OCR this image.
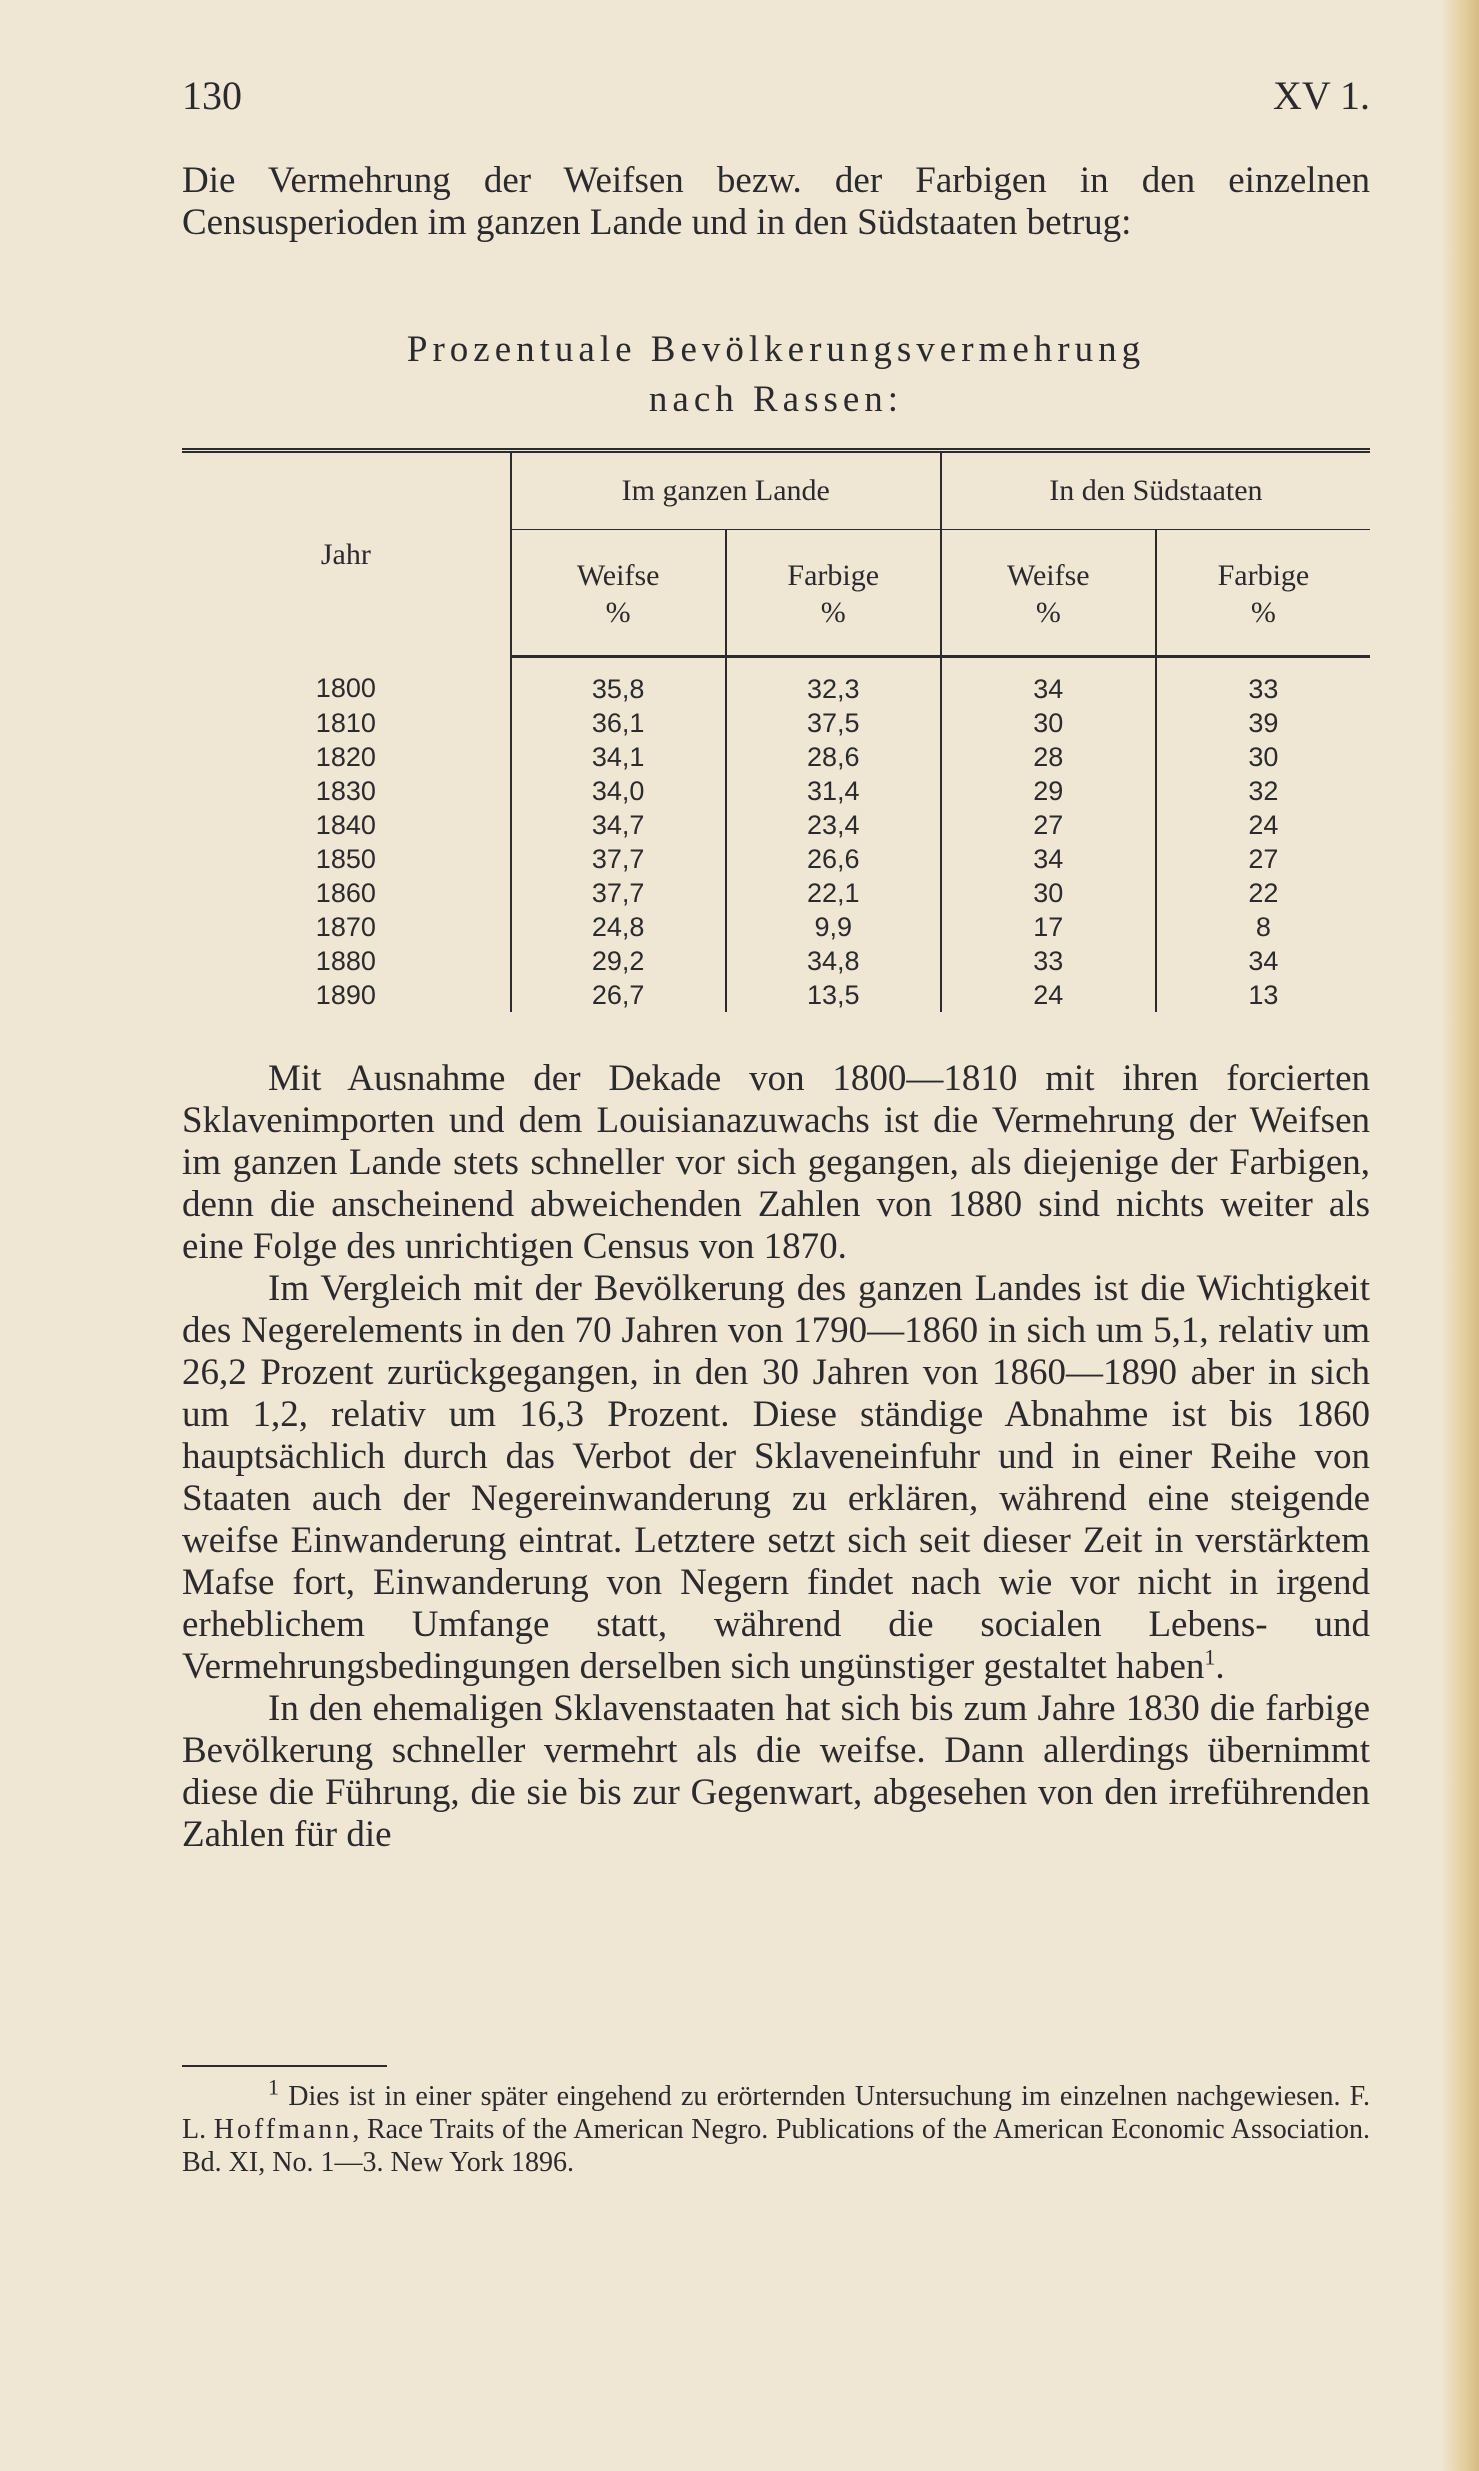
130	XV 1.

Die Vermehrung der Weifsen bezw. der Farbigen in den einzelnen Censusperioden im ganzen Lande und in den Südstaaten betrug:

Prozentuale Bevölkerungsvermehrung
nach Rassen:
Jahr	Im ganzen Lande		In den Südstaaten	
	Weifse	Farbige	Weifse	Farbige
	%	%	%	%
1800	35,8	32,3	34	33
1810	36,1	37,5	30	39
1820	34,1	28,6	28	30
1830	34,0	31,4	29	32
1840	34,7	23,4	27	24
1850	37,7	26,6	34	27
1860	37,7	22,1	30	22
1870	24,8	9,9	17	8
1880	29,2	34,8	33	34
1890	26,7	13,5	24	13

Mit Ausnahme der Dekade von 1800—1810 mit ihren forcierten Sklavenimporten und dem Louisianazuwachs ist die Vermehrung der Weifsen im ganzen Lande stets schneller vor sich gegangen, als diejenige der Farbigen, denn die anscheinend abweichenden Zahlen von 1880 sind nichts weiter als eine Folge des unrichtigen Census von 1870.

Im Vergleich mit der Bevölkerung des ganzen Landes ist die Wichtigkeit des Negerelements in den 70 Jahren von 1790—1860 in sich um 5,1, relativ um 26,2 Prozent zurückgegangen, in den 30 Jahren von 1860—1890 aber in sich um 1,2, relativ um 16,3 Prozent. Diese ständige Abnahme ist bis 1860 hauptsächlich durch das Verbot der Sklaveneinfuhr und in einer Reihe von Staaten auch der Negereinwanderung zu erklären, während eine steigende weifse Einwanderung eintrat. Letztere setzt sich seit dieser Zeit in verstärktem Mafse fort, Einwanderung von Negern findet nach wie vor nicht in irgend erheblichem Umfange statt, während die socialen Lebens- und Vermehrungsbedingungen derselben sich ungünstiger gestaltet haben$^1$.

In den ehemaligen Sklavenstaaten hat sich bis zum Jahre 1830 die farbige Bevölkerung schneller vermehrt als die weifse. Dann allerdings übernimmt diese die Führung, die sie bis zur Gegenwart, abgesehen von den irreführenden Zahlen für die

$^1$ Dies ist in einer später eingehend zu erörternden Untersuchung im einzelnen nachgewiesen. F. L. Hoffmann, Race Traits of the American Negro. Publications of the American Economic Association. Bd. XI, No. 1—3. New York 1896.
